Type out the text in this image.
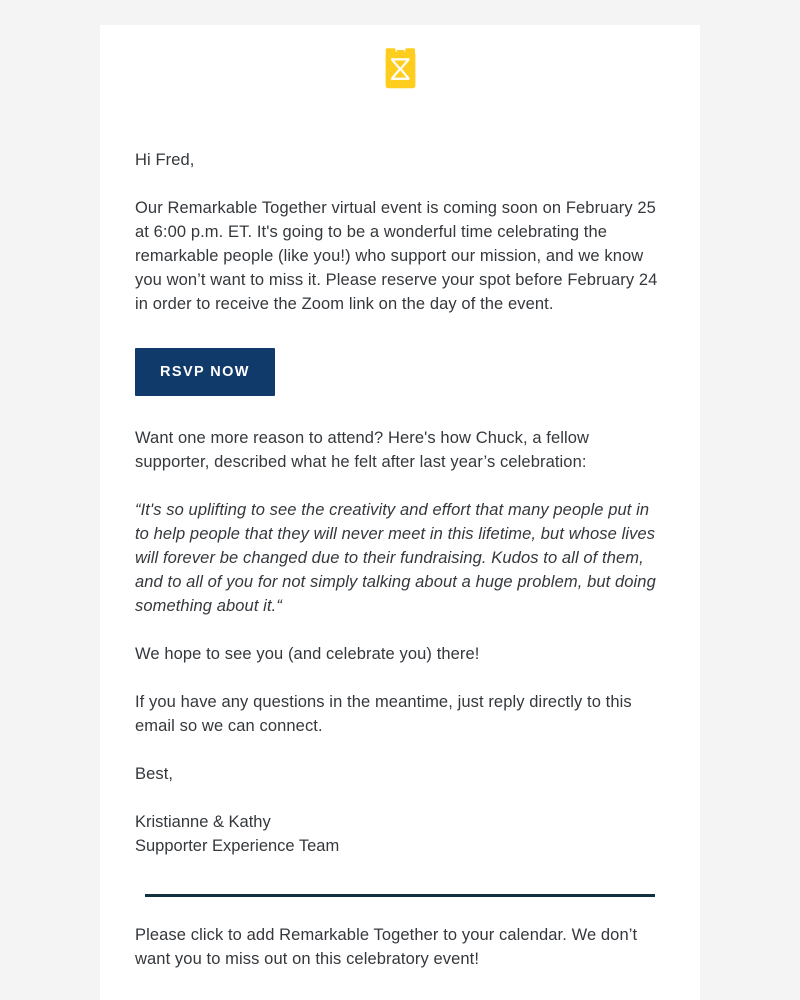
Hi Fred,

Our Remarkable Together virtual event is coming soon on February 25 at 6:00 p.m. ET. It's going to be a wonderful time celebrating the remarkable people (like you!) who support our mission, and we know you won’t want to miss it. Please reserve your spot before February 24 in order to receive the Zoom link on the day of the event.

RSVP NOW

Want one more reason to attend? Here's how Chuck, a fellow supporter, described what he felt after last year’s celebration:

“It's so uplifting to see the creativity and effort that many people put in to help people that they will never meet in this lifetime, but whose lives will forever be changed due to their fundraising. Kudos to all of them, and to all of you for not simply talking about a huge problem, but doing something about it.“

We hope to see you (and celebrate you) there!

If you have any questions in the meantime, just reply directly to this email so we can connect.

Best,

Kristianne & Kathy

Supporter Experience Team

Please click to add Remarkable Together to your calendar. We don’t want you to miss out on this celebratory event!
